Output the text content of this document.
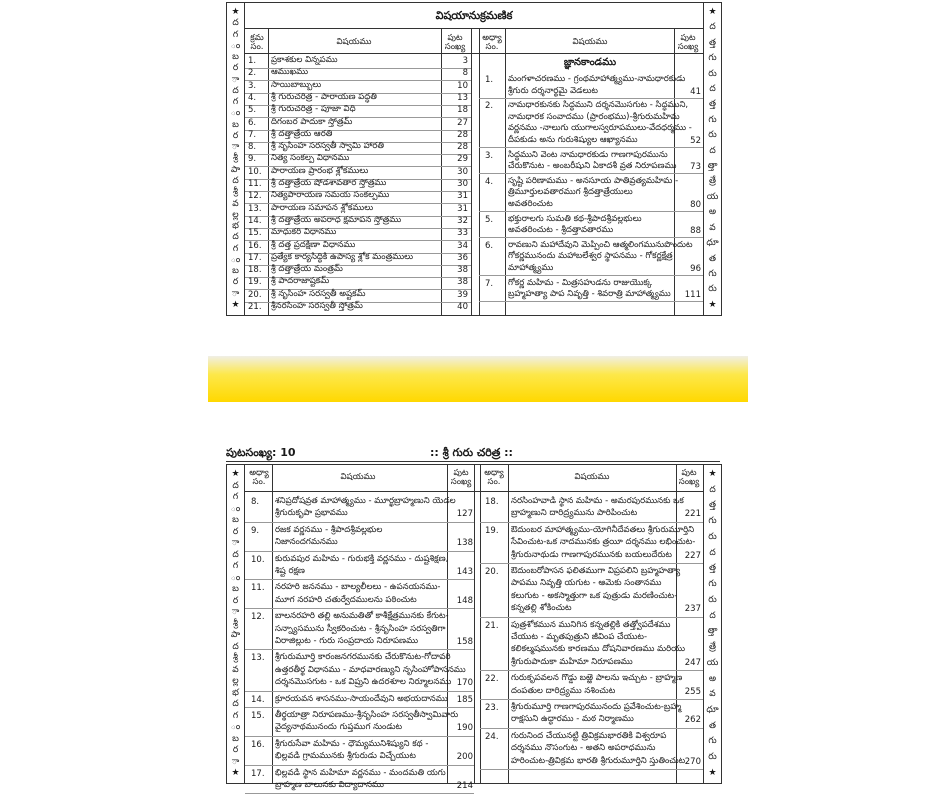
★
ద
గ
ం
బ
ర
ా
ద
గ
ం
బ
ర
ా
శ్రీ
పా
ద
శ్రీ
వ
ల్ల
భ
ద
గ
ం
బ
ర
ా
★
★
ద
త్త
గు
రు
ద
త్త
గు
రు
ద
త్తా
త్రే
య
అ
వ
ధూ
త
గు
రు
★
విషయానుక్రమణిక
క్రమ సం.	విషయము	పుట సంఖ్య
అధ్యా సం.	విషయము	పుట సంఖ్య
జ్ఞానకాండము
1. ప్రకాశకుల విన్నపము	3
2. ఆముఖము	8
3. సాయిబాబ్బులు	10
4. శ్రీ గురుచరిత్ర - పారాయణ పద్ధతి	13
5. శ్రీ గురుచరిత్ర - పూజా విధి	18
6. దిగంబర పాదుకా స్తోత్రమ్	27
7. శ్రీ దత్తాత్రేయ ఆరతి	28
8. శ్రీ నృసింహ సరస్వతీ స్వామి హారతి	28
9. నిత్య సంకల్ప విధానము	29
10. పారాయణ ప్రారంభ శ్లోకములు	30
11. శ్రీ దత్తాత్రేయ షోడశావతార స్తోత్రము	30
12. నిత్యపారాయణ సమయ సంకల్పము	31
13. పారాయణ సమాపన శ్లోకములు	31
14. శ్రీ దత్తాత్రేయ అపరాధ క్షమాపన స్తోత్రము	32
15. మాధుకరి విధానము	33
16. శ్రీ దత్త ప్రదక్షిణా విధానము	34
17. ప్రత్యేక కార్యసిద్ధికి ఉపాస్య శ్లోక మంత్రములు	36
18. శ్రీ దత్తాత్రేయ మంత్రమ్	38
19. శ్రీ పాదరాజాష్టకమ్	38
20. శ్రీ నృసింహ సరస్వతీ అష్టకమ్	39
21. శ్రీనరసింహ సరస్వతీ స్తోత్రమ్	40
1. మంగళాచరణము - గ్రంథమాహాత్మ్యము-నామధారకుడు
శ్రీగురు దర్శనార్థమై వెడలుట	41
2. నామధారకునకు సిద్ధముని దర్శనమొసగుట - సిద్ధముని,
నామధారక సంవాదము (ప్రారంభము)-శ్రీగురుమహిమ
వర్ణనము -నాలుగు యుగాలస్వరూపములు-వేదధర్మము -
దీపకుడు అను గురుశిష్యుల ఆఖ్యానము	52
3. సిద్ధముని వెంట నామధారకుడు గాణగాపురమును
చేరుకొనుట - అంబరీషుని ఏకాదశీ వ్రత నిరూపణము	73
4. సృష్టి పరిణామము - అనసూయ పాతివ్రత్యమహిమ -
త్రిమూర్తులవతారముగ శ్రీదత్తాత్రేయులు
అవతరించుట	80
5. భక్తురాలగు సుమతి కథ-శ్రీపాదశ్రీవల్లభులు
అవతరించుట - శ్రీదత్తావతారము	88
6. రావణుని మహాదేవుని మెప్పించి ఆత్మలింగమునుపొందుట
గోకర్ణమునందు మహాబలేశ్వర స్థాపనము - గోకర్ణక్షేత్ర
మాహాత్మ్యము	96
7. గోకర్ణ మహిమ - మిత్రసహుడను రాజుయొక్క
బ్రహ్మహత్యా పాప నివృత్తి - శివరాత్రి మాహాత్మ్యము	111
పుటసంఖ్య: 10	:: శ్రీ గురు చరిత్ర ::
★
ద
గ
ం
బ
ర
ా
ద
గ
ం
బ
ర
ా
శ్రీ
పా
ద
శ్రీ
వ
ల్ల
భ
ద
గ
ం
బ
ర
ా
★
★
ద
త్త
గు
రు
ద
త్త
గు
రు
ద
త్తా
త్రే
య
అ
వ
ధూ
త
గు
రు
★
అధ్యా సం.	విషయము	పుట సంఖ్య
అధ్యా సం.	విషయము	పుట సంఖ్య
8. శనిప్రదోషవ్రత మాహాత్మ్యము - మూర్ఖబ్రాహ్మణుని యెడల
శ్రీగురుకృపా ప్రభావము	127
9. రజక వర్ణనము - శ్రీపాదశ్రీవల్లభుల
నిజానందగమనము	138
10. కురువపుర మహిమ - గురుభక్తి వర్ణనము - దుష్టశిక్షణ,
శిష్ట రక్షణ	143
11. నరహరి జననము - బాల్యలీలలు - ఉపనయనము-
మూగ నరహరి చతుర్వేదములను పఠించుట	148
12. బాలనరహరి తల్లి అనుమతితో కాశీక్షేత్రమునకు కేగుట-
సన్న్యాసమును స్వీకరించుట - శ్రీనృసింహ సరస్వతిగా
విరాజిల్లుట - గురు సంప్రదాయ నిరూపణము	158
13. శ్రీగురుమూర్తి కారంజనగరమునకు చేరుకొనుట-గోదావరి
ఉత్తరతీర్థ విధానము - మాధవారణ్యుని నృసింహోపాసనము
దర్శనమొసగుట - ఒక విప్రుని ఉదరశూల నిర్మూలనము 170
14. క్రూరయవన శాసనము-సాయందేవుని అభయదానము	185
15. తీర్థయాత్రా నిరూపణము-శ్రీనృసింహ సరస్వతీస్వామివారు
వైద్యనాథమునందు గుప్తముగ నుండుట	190
16. శ్రీగురుసేవా మహిమ - ధౌమ్యమునిశిష్యుని కథ -
భిల్లవడి గ్రామమునకు శ్రీగురుడు విచ్చేయుట	200
17. భిల్లవడి స్థాన మహిమా వర్ణనము - మందమతి యగు
బ్రాహ్మణ బాలునకు విద్యాదానము	214
18. నరసింహవాడి స్థాన మహిమ - అమరపురమునకు ఒక
బ్రాహ్మణుని దారిద్ర్యమును పారిపించుట	221
19. ఔదుంబర మాహాత్మ్యము-యోగినీదేవతలు శ్రీగురుమూర్తిని
సేవించుట-ఒక నాదమునకు త్రయీ దర్శనము లభించుట-
శ్రీగురునాథుడు గాణగాపురమునకు బయలుదేరుట	227
20. ఔదుంబరోపాసన ఫలితముగా విప్రపలిని బ్రహ్మహత్యా
పాపము నివృత్తి యగుట - ఆమెకు సంతానము
కలుగుట - అకస్మాత్తుగా ఒక పుత్రుడు మరణించుట-
కన్నతల్లి శోకించుట	237
21. పుత్రశోకమున మునిగిన కన్నతల్లికి తత్త్వోపదేశము
చేయుట - మృతపుత్రుని జీవింప చేయుట-
కలికల్మషమునకు కారణము దోషనివారణము మరియు
శ్రీగురుపాదుకా మహిమా నిరూపణము	247
22. గురుకృపవలన గొడ్డు బఱ్ఱె పాలను ఇచ్చుట - బ్రాహ్మణ
దంపతుల దారిద్ర్యము నశించుట	255
23. శ్రీగురుమూర్తి గాణగాపురమునందు ప్రవేశించుట-బ్రహ్మ
రాక్షసుని ఉద్ధారము - మఠ నిర్మాణము	262
24. గురునింద చేయునట్టి త్రివిక్రమభారతికి విశ్వరూప
దర్శనము నొసంగుట - అతని అపరాధమును
హరించుట-త్రివిక్రమ భారతి శ్రీగురుమూర్తిని స్తుతించుట 270
